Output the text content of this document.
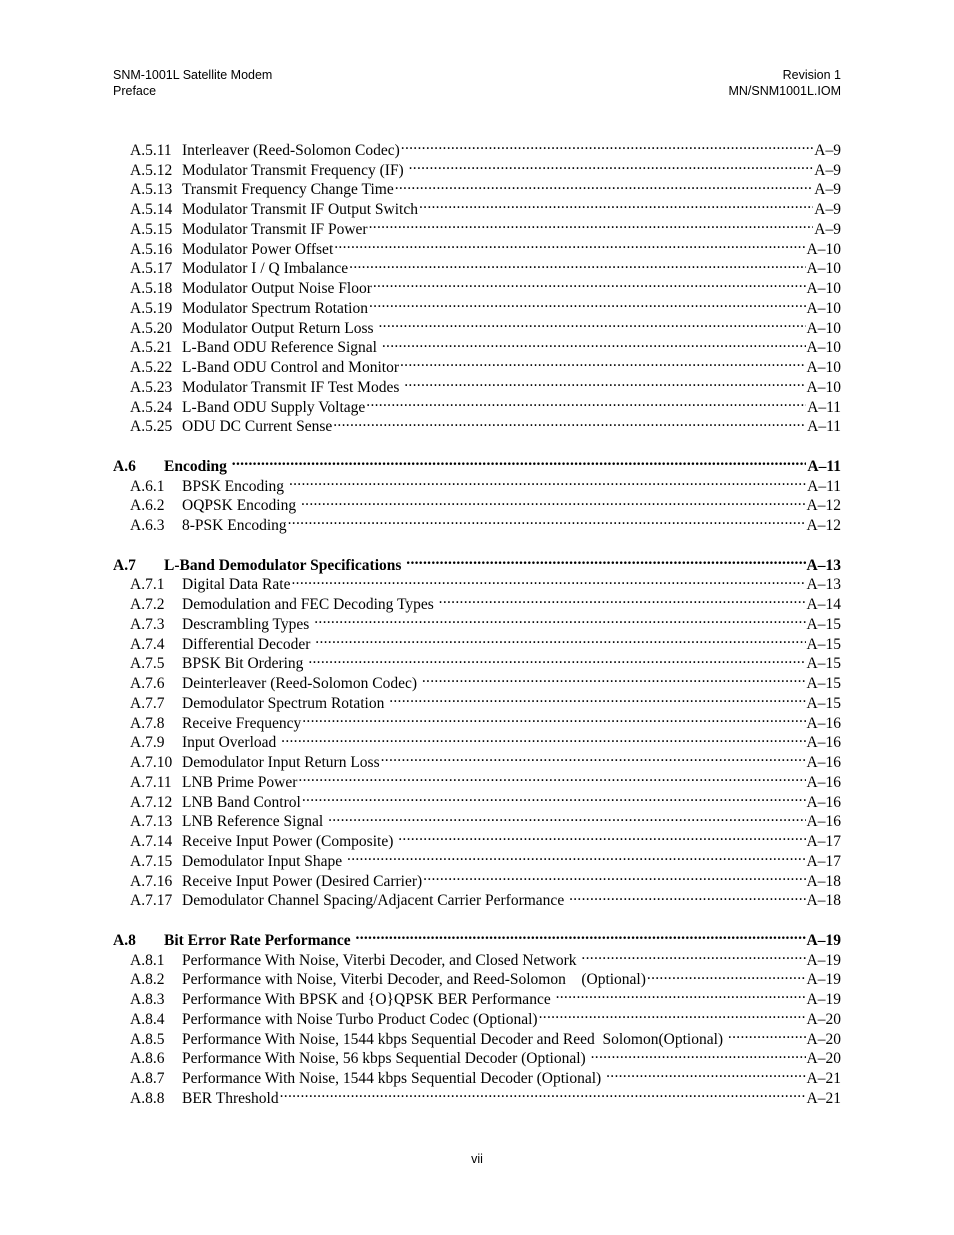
SNM-1001L Satellite Modem
Preface
Revision 1
MN/SNM1001L.IOM
A.5.11 Interleaver (Reed-Solomon Codec) .....	A–9
A.5.12 Modulator Transmit Frequency (IF) .....	A–9
A.5.13 Transmit Frequency Change Time .....	A–9
A.5.14 Modulator Transmit IF Output Switch .....	A–9
A.5.15 Modulator Transmit IF Power .....	A–9
A.5.16 Modulator Power Offset .....	A–10
A.5.17 Modulator I / Q Imbalance .....	A–10
A.5.18 Modulator Output Noise Floor .....	A–10
A.5.19 Modulator Spectrum Rotation .....	A–10
A.5.20 Modulator Output Return Loss .....	A–10
A.5.21 L-Band ODU Reference Signal .....	A–10
A.5.22 L-Band ODU Control and Monitor .....	A–10
A.5.23 Modulator Transmit IF Test Modes .....	A–10
A.5.24 L-Band ODU Supply Voltage .....	A–11
A.5.25 ODU DC Current Sense .....	A–11
A.6	Encoding .....	A–11
A.6.1	BPSK Encoding .....	A–11
A.6.2	OQPSK Encoding .....	A–12
A.6.3	8-PSK Encoding .....	A–12
A.7	L-Band Demodulator Specifications .....	A–13
A.7.1	Digital Data Rate .....	A–13
A.7.2	Demodulation and FEC Decoding Types .....	A–14
A.7.3	Descrambling Types .....	A–15
A.7.4	Differential Decoder .....	A–15
A.7.5	BPSK Bit Ordering .....	A–15
A.7.6	Deinterleaver (Reed-Solomon Codec) .....	A–15
A.7.7	Demodulator Spectrum Rotation .....	A–15
A.7.8	Receive Frequency .....	A–16
A.7.9	Input Overload .....	A–16
A.7.10 Demodulator Input Return Loss .....	A–16
A.7.11 LNB Prime Power .....	A–16
A.7.12 LNB Band Control .....	A–16
A.7.13 LNB Reference Signal .....	A–16
A.7.14 Receive Input Power (Composite) .....	A–17
A.7.15 Demodulator Input Shape .....	A–17
A.7.16 Receive Input Power (Desired Carrier) .....	A–18
A.7.17 Demodulator Channel Spacing/Adjacent Carrier Performance .....	A–18
A.8	Bit Error Rate Performance .....	A–19
A.8.1	Performance With Noise, Viterbi Decoder, and Closed Network .....	A–19
A.8.2	Performance with Noise, Viterbi Decoder, and Reed-Solomon    (Optional) .....	A–19
A.8.3	Performance With BPSK and {O}QPSK BER Performance .....	A–19
A.8.4	Performance with Noise Turbo Product Codec (Optional) .....	A–20
A.8.5	Performance With Noise, 1544 kbps Sequential Decoder and Reed  Solomon(Optional) .....	A–20
A.8.6	Performance With Noise, 56 kbps Sequential Decoder (Optional) .....	A–20
A.8.7	Performance With Noise, 1544 kbps Sequential Decoder (Optional) .....	A–21
A.8.8	BER Threshold .....	A–21
vii
